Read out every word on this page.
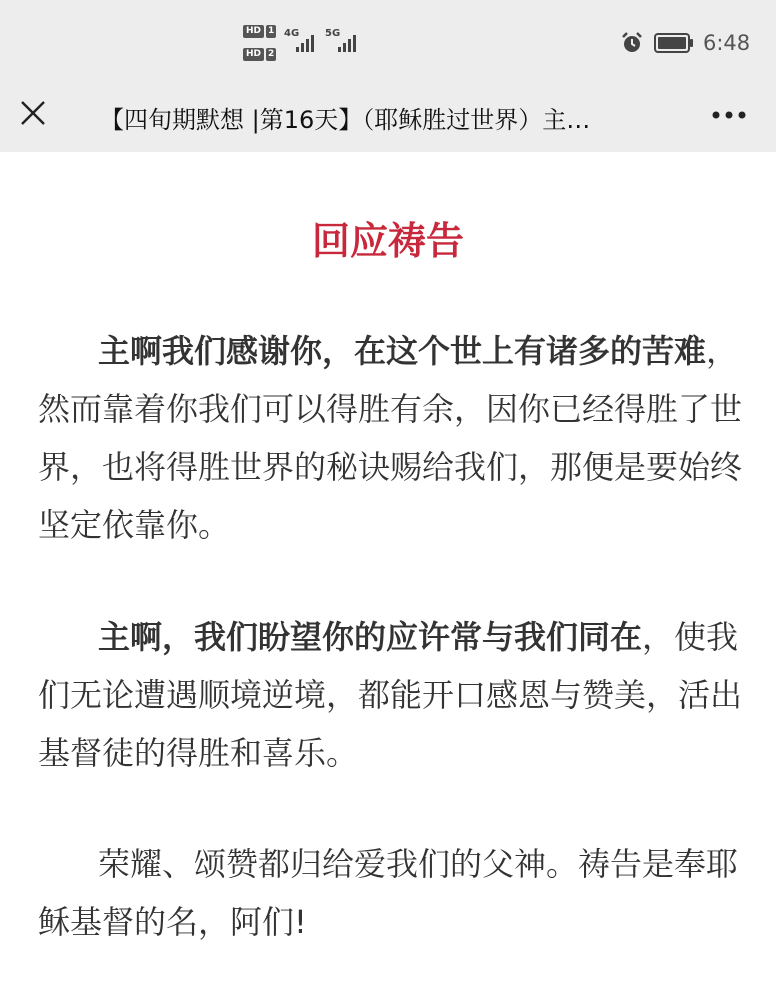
HD 1
HD 2
4G	5G	6:48
【四旬期默想 |第16天】（耶稣胜过世界）主…
回应祷告

主啊我们感谢你，在这个世上有诸多的苦难，然而靠着你我们可以得胜有余，因你已经得胜了世界，也将得胜世界的秘诀赐给我们，那便是要始终坚定依靠你。

主啊，我们盼望你的应许常与我们同在，使我们无论遭遇顺境逆境，都能开口感恩与赞美，活出基督徒的得胜和喜乐。

荣耀、颂赞都归给爱我们的父神。祷告是奉耶稣基督的名，阿们!
